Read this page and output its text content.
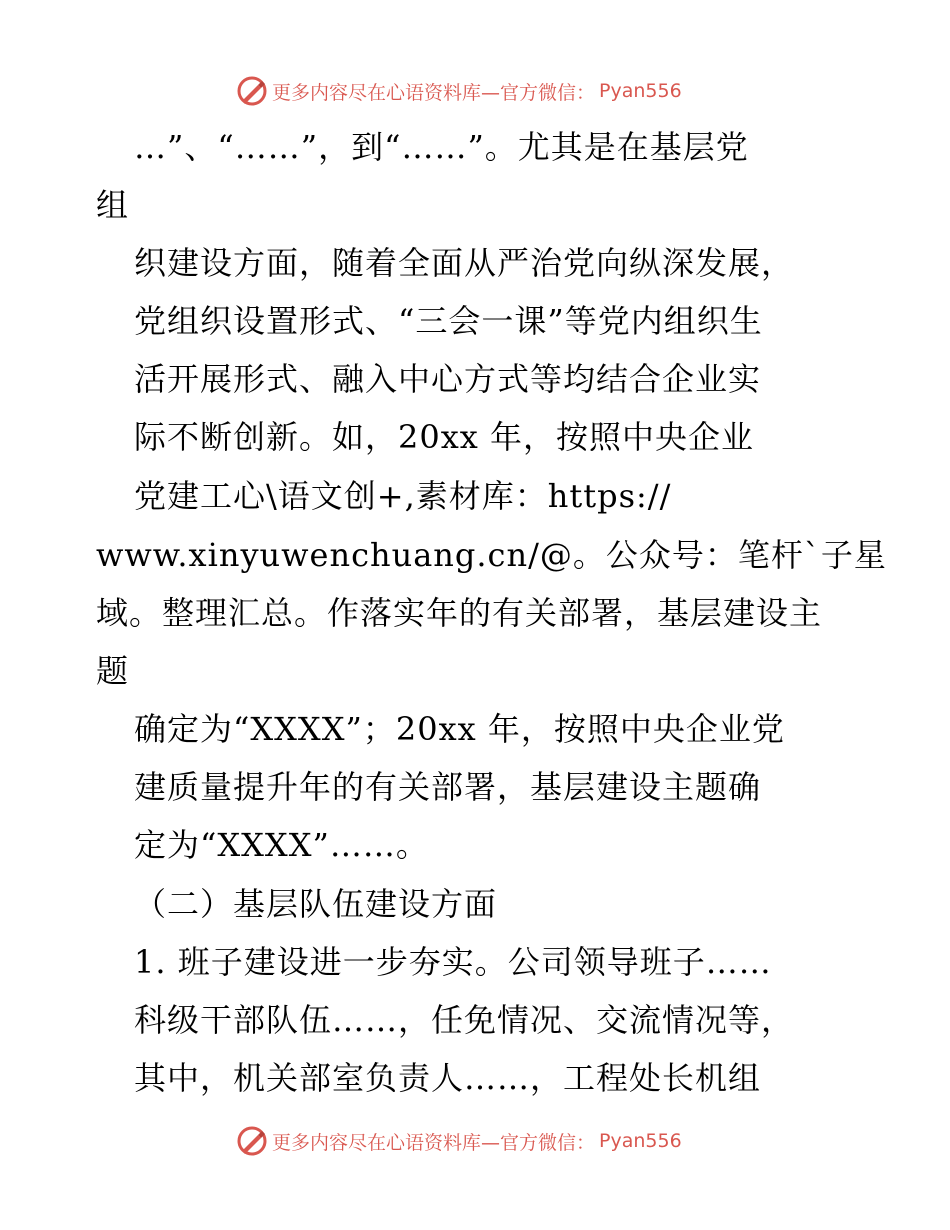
更多内容尽在心语资料库—官方微信： Pyan556
…”、“……”，到“……”。尤其是在基层党
组
织建设方面，随着全面从严治党向纵深发展，
党组织设置形式、“三会一课”等党内组织生
活开展形式、融入中心方式等均结合企业实
际不断创新。如，20xx 年，按照中央企业
党建工心\语文创+,素材库：https://
www.xinyuwenchuang.cn/@。公众号：笔杆`子星
域。整理汇总。作落实年的有关部署，基层建设主
题
确定为“XXXX”；20xx 年，按照中央企业党
建质量提升年的有关部署，基层建设主题确
定为“XXXX”……。
（二）基层队伍建设方面
1. 班子建设进一步夯实。公司领导班子……
科级干部队伍……，任免情况、交流情况等，
其中，机关部室负责人……，工程处长机组
更多内容尽在心语资料库—官方微信： Pyan556
